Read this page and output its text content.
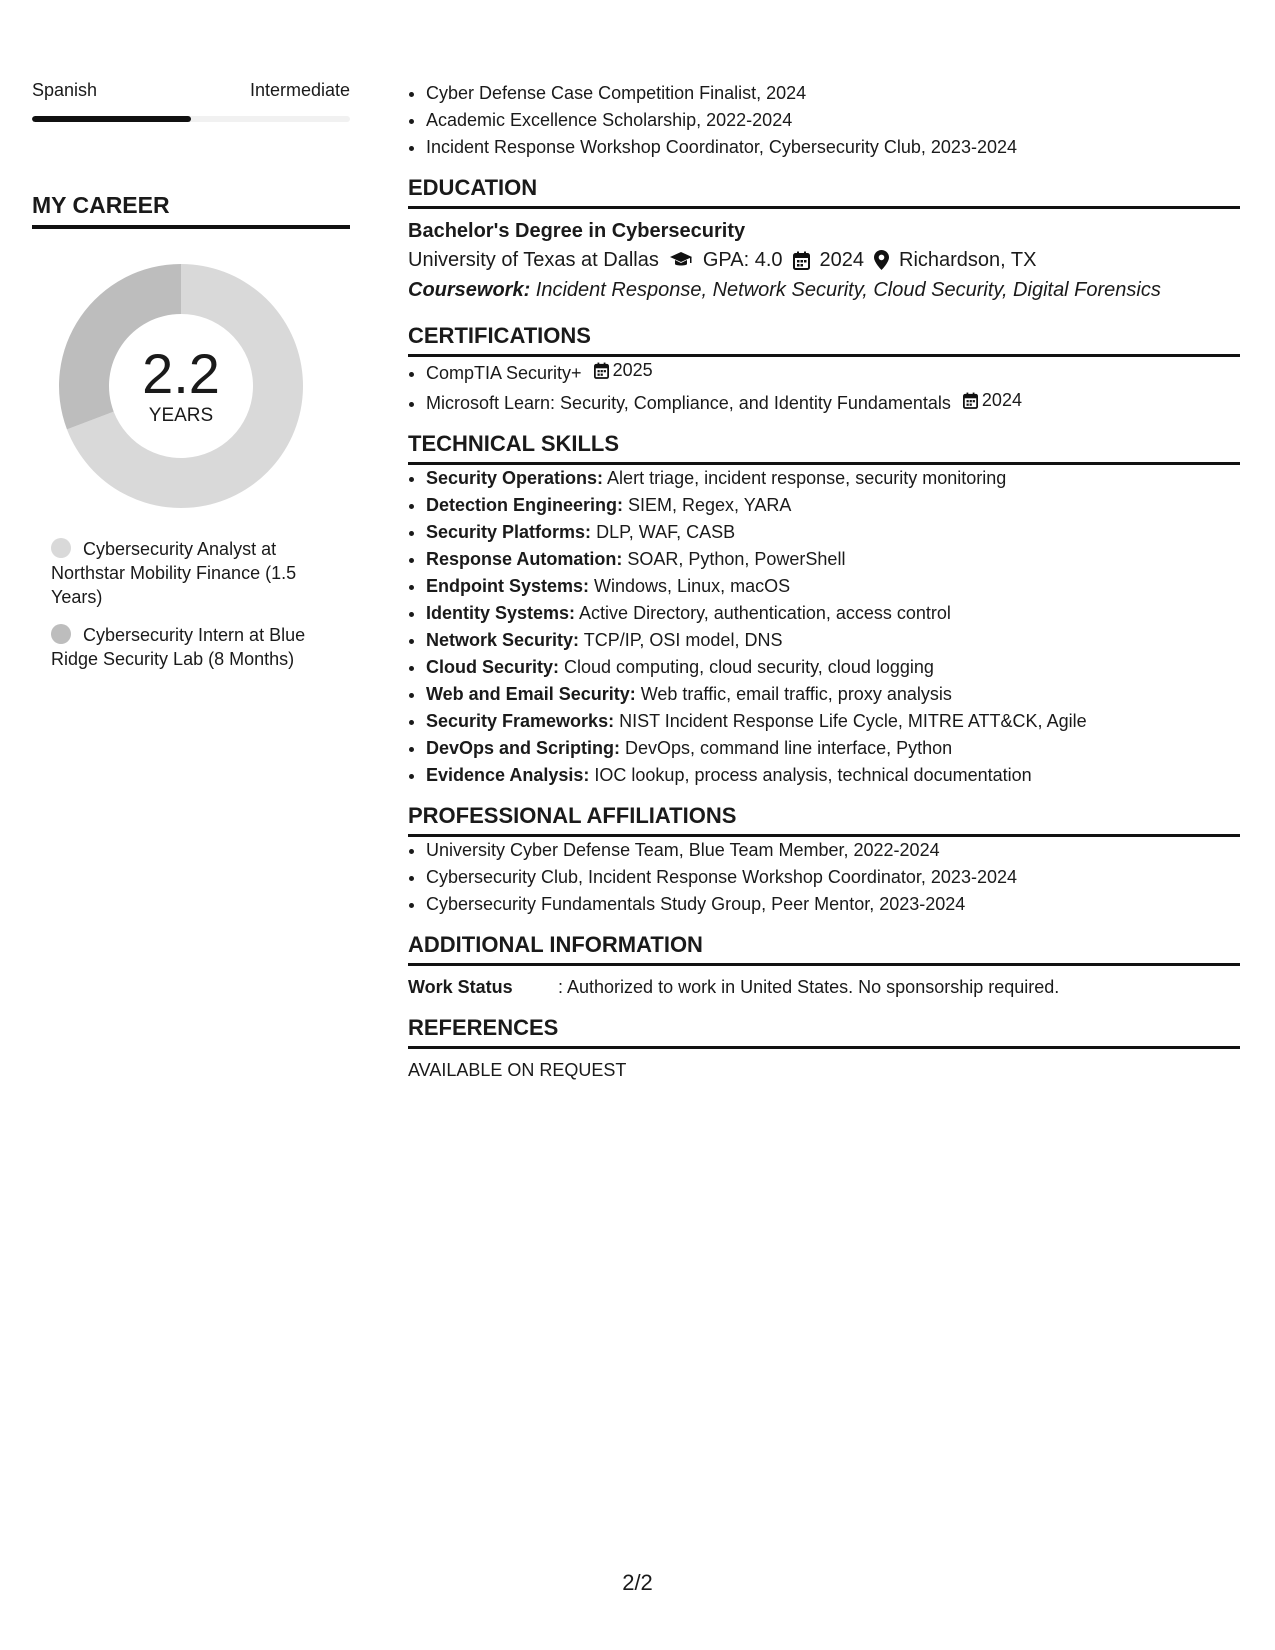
Spanish	Intermediate
MY CAREER
2.2
YEARS
Cybersecurity Analyst at Northstar Mobility Finance (1.5 Years)
Cybersecurity Intern at Blue Ridge Security Lab (8 Months)
• Cyber Defense Case Competition Finalist, 2024
• Academic Excellence Scholarship, 2022-2024
• Incident Response Workshop Coordinator, Cybersecurity Club, 2023-2024
EDUCATION
Bachelor's Degree in Cybersecurity
University of Texas at Dallas GPA: 4.0 2024 Richardson, TX
Coursework: Incident Response, Network Security, Cloud Security, Digital Forensics
CERTIFICATIONS
• CompTIA Security+ 2025
• Microsoft Learn: Security, Compliance, and Identity Fundamentals 2024
TECHNICAL SKILLS
• Security Operations: Alert triage, incident response, security monitoring
• Detection Engineering: SIEM, Regex, YARA
• Security Platforms: DLP, WAF, CASB
• Response Automation: SOAR, Python, PowerShell
• Endpoint Systems: Windows, Linux, macOS
• Identity Systems: Active Directory, authentication, access control
• Network Security: TCP/IP, OSI model, DNS
• Cloud Security: Cloud computing, cloud security, cloud logging
• Web and Email Security: Web traffic, email traffic, proxy analysis
• Security Frameworks: NIST Incident Response Life Cycle, MITRE ATT&CK, Agile
• DevOps and Scripting: DevOps, command line interface, Python
• Evidence Analysis: IOC lookup, process analysis, technical documentation
PROFESSIONAL AFFILIATIONS
• University Cyber Defense Team, Blue Team Member, 2022-2024
• Cybersecurity Club, Incident Response Workshop Coordinator, 2023-2024
• Cybersecurity Fundamentals Study Group, Peer Mentor, 2023-2024
ADDITIONAL INFORMATION
Work Status	: Authorized to work in United States. No sponsorship required.
REFERENCES
AVAILABLE ON REQUEST
2/2
